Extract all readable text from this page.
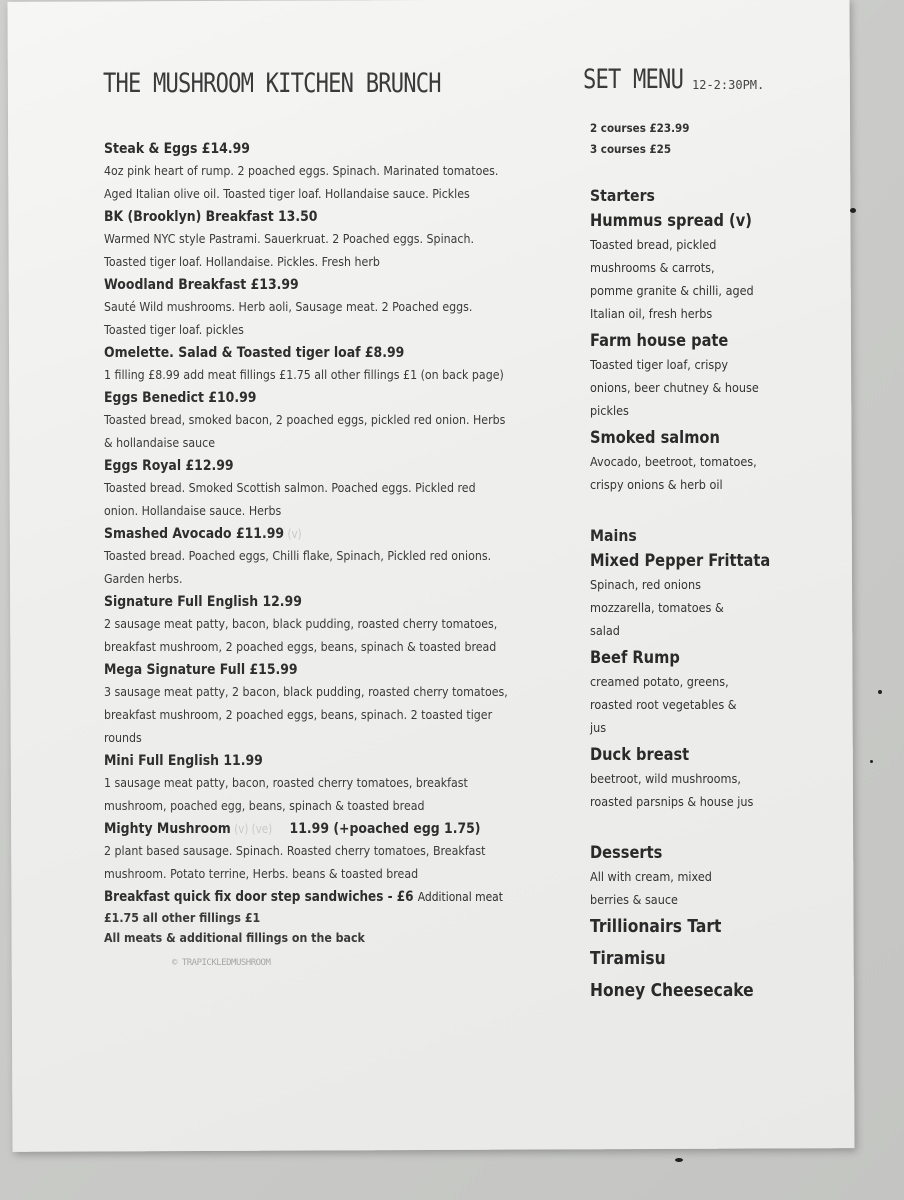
THE MUSHROOM KITCHEN BRUNCH	SET MENU 12-2:30PM.
Steak & Eggs £14.99
4oz pink heart of rump. 2 poached eggs. Spinach. Marinated tomatoes.
Aged Italian olive oil. Toasted tiger loaf. Hollandaise sauce. Pickles
BK (Brooklyn) Breakfast 13.50
Warmed NYC style Pastrami. Sauerkruat. 2 Poached eggs. Spinach.
Toasted tiger loaf. Hollandaise. Pickles. Fresh herb
Woodland Breakfast £13.99
Sauté Wild mushrooms. Herb aoli, Sausage meat. 2 Poached eggs.
Toasted tiger loaf. pickles
Omelette. Salad & Toasted tiger loaf £8.99
1 filling £8.99 add meat fillings £1.75 all other fillings £1 (on back page)
Eggs Benedict £10.99
Toasted bread, smoked bacon, 2 poached eggs, pickled red onion. Herbs
& hollandaise sauce
Eggs Royal £12.99
Toasted bread. Smoked Scottish salmon. Poached eggs. Pickled red
onion. Hollandaise sauce. Herbs
Smashed Avocado £11.99 (v)
Toasted bread. Poached eggs, Chilli flake, Spinach, Pickled red onions.
Garden herbs.
Signature Full English 12.99
2 sausage meat patty, bacon, black pudding, roasted cherry tomatoes,
breakfast mushroom, 2 poached eggs, beans, spinach & toasted bread
Mega Signature Full £15.99
3 sausage meat patty, 2 bacon, black pudding, roasted cherry tomatoes,
breakfast mushroom, 2 poached eggs, beans, spinach. 2 toasted tiger
rounds
Mini Full English 11.99
1 sausage meat patty, bacon, roasted cherry tomatoes, breakfast
mushroom, poached egg, beans, spinach & toasted bread
Mighty Mushroom (v) (ve) 11.99 (+poached egg 1.75)
2 plant based sausage. Spinach. Roasted cherry tomatoes, Breakfast
mushroom. Potato terrine, Herbs. beans & toasted bread
Breakfast quick fix door step sandwiches - £6 Additional meat
£1.75 all other fillings £1
All meats & additional fillings on the back
© TRAPICKLEDMUSHROOM
2 courses £23.99
3 courses £25
Starters
Hummus spread (v)
Toasted bread, pickled
mushrooms & carrots,
pomme granite & chilli, aged
Italian oil, fresh herbs
Farm house pate
Toasted tiger loaf, crispy
onions, beer chutney & house
pickles
Smoked salmon
Avocado, beetroot, tomatoes,
crispy onions & herb oil
Mains
Mixed Pepper Frittata
Spinach, red onions
mozzarella, tomatoes &
salad
Beef Rump
creamed potato, greens,
roasted root vegetables &
jus
Duck breast
beetroot, wild mushrooms,
roasted parsnips & house jus
Desserts
All with cream, mixed
berries & sauce
Trillionairs Tart
Tiramisu
Honey Cheesecake
